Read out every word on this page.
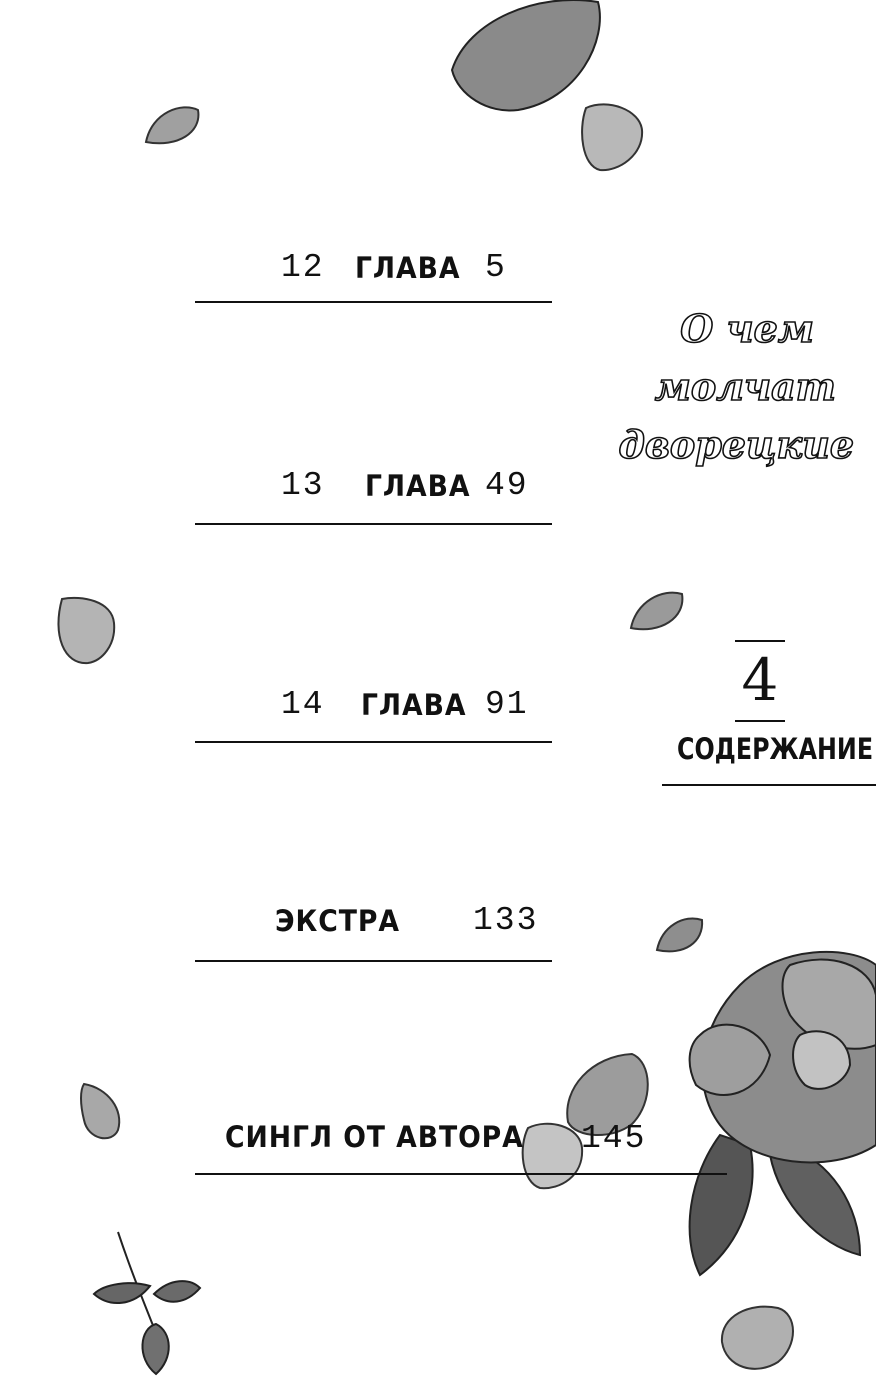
12 ГЛАВА 5
13 ГЛАВА 49
14 ГЛАВА 91
ЭКСТРА 133
СИНГЛ ОТ АВТОРА 145
О чем
молчат
дворецкие
4
СОДЕРЖАНИЕ
